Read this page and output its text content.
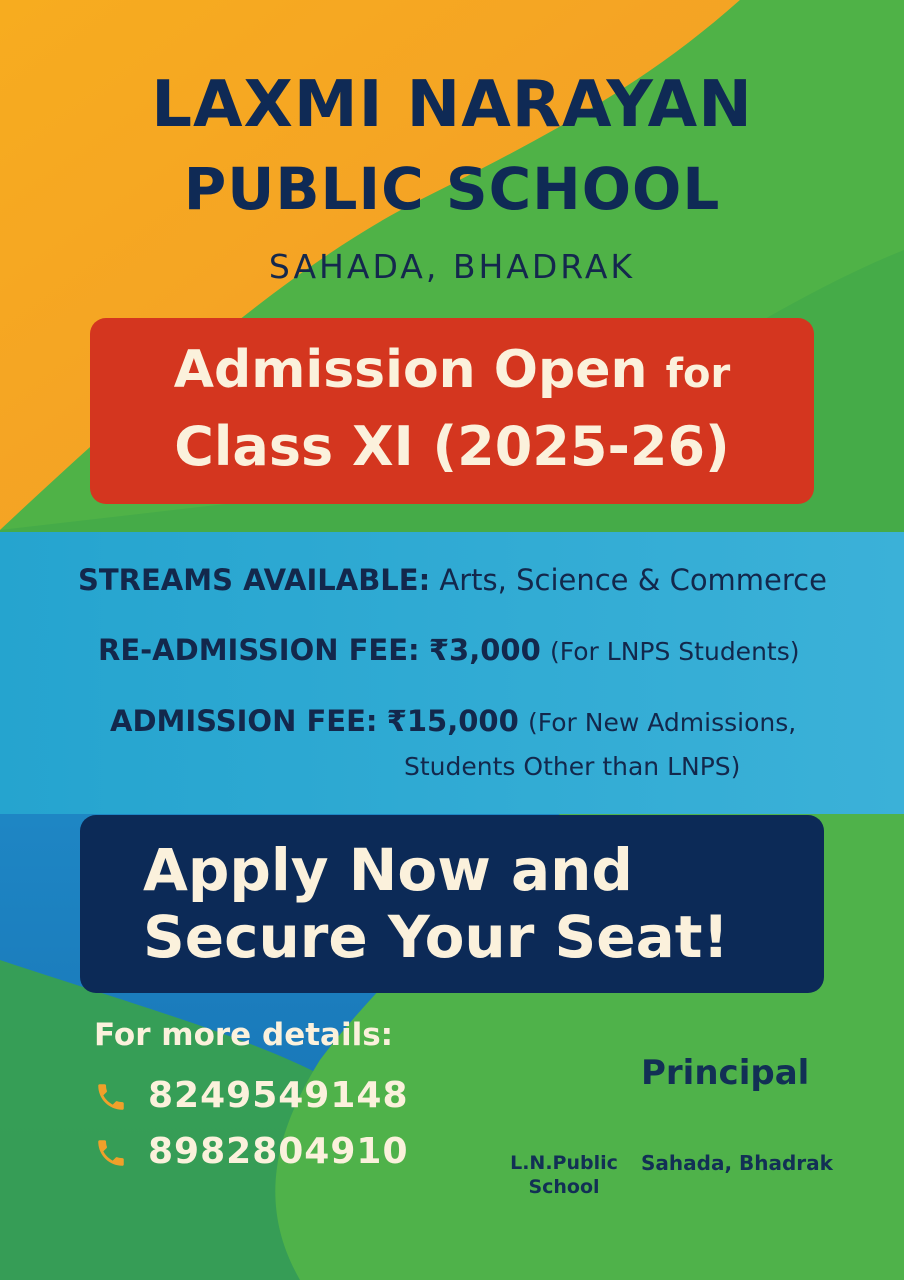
LAXMI NARAYAN
PUBLIC SCHOOL
SAHADA, BHADRAK
Admission Open for
Class XI (2025-26)
STREAMS AVAILABLE: Arts, Science & Commerce
RE-ADMISSION FEE: ₹3,000 (For LNPS Students)
ADMISSION FEE: ₹15,000 (For New Admissions,
Students Other than LNPS)
Apply Now and
Secure Your Seat!
For more details:
8249549148
8982804910
Principal
L.N.Public
School
Sahada, Bhadrak
